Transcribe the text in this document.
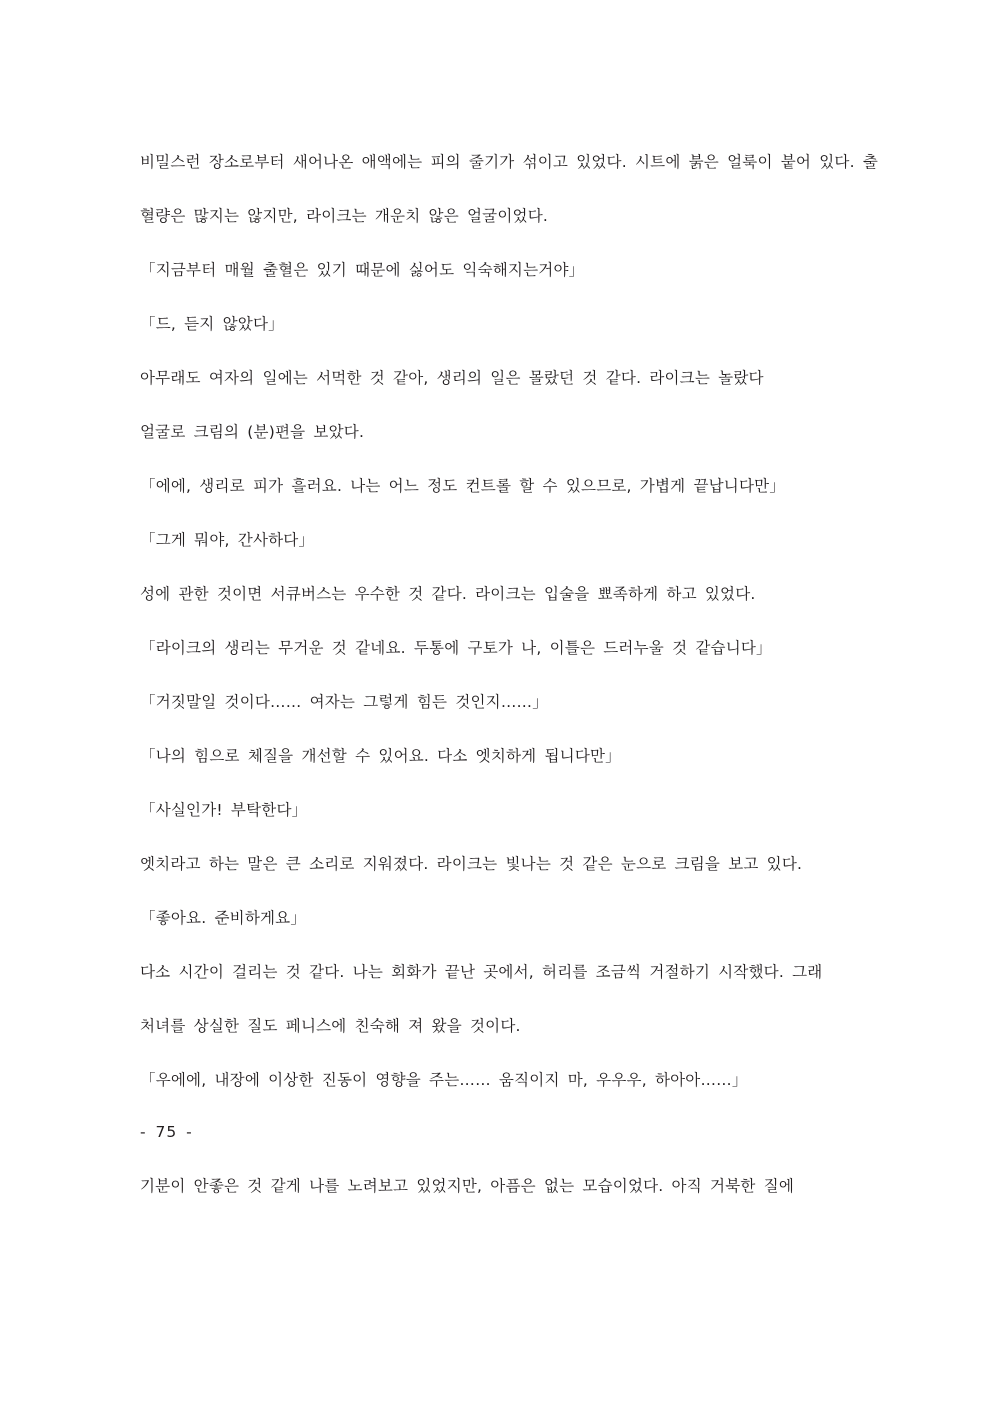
비밀스런 장소로부터 새어나온 애액에는 피의 줄기가 섞이고 있었다. 시트에 붉은 얼룩이 붙어 있다. 출

혈량은 많지는 않지만, 라이크는 개운치 않은 얼굴이었다.

「지금부터 매월 출혈은 있기 때문에 싫어도 익숙해지는거야」

「드, 듣지 않았다」

아무래도 여자의 일에는 서먹한 것 같아, 생리의 일은 몰랐던 것 같다. 라이크는 놀랐다

얼굴로 크림의 (분)편을 보았다.

「에에, 생리로 피가 흘러요. 나는 어느 정도 컨트롤 할 수 있으므로, 가볍게 끝납니다만」

「그게 뭐야, 간사하다」

성에 관한 것이면 서큐버스는 우수한 것 같다. 라이크는 입술을 뾰족하게 하고 있었다.

「라이크의 생리는 무거운 것 같네요. 두통에 구토가 나, 이틀은 드러누울 것 같습니다」

「거짓말일 것이다…… 여자는 그렇게 힘든 것인지……」

「나의 힘으로 체질을 개선할 수 있어요. 다소 엣치하게 됩니다만」

「사실인가! 부탁한다」

엣치라고 하는 말은 큰 소리로 지워졌다. 라이크는 빛나는 것 같은 눈으로 크림을 보고 있다.

「좋아요. 준비하게요」

다소 시간이 걸리는 것 같다. 나는 회화가 끝난 곳에서, 허리를 조금씩 거절하기 시작했다. 그래

처녀를 상실한 질도 페니스에 친숙해 져 왔을 것이다.

「우에에, 내장에 이상한 진동이 영향을 주는…… 움직이지 마, 우우우, 하아아……」

- 75 -

기분이 안좋은 것 같게 나를 노려보고 있었지만, 아픔은 없는 모습이었다. 아직 거북한 질에
